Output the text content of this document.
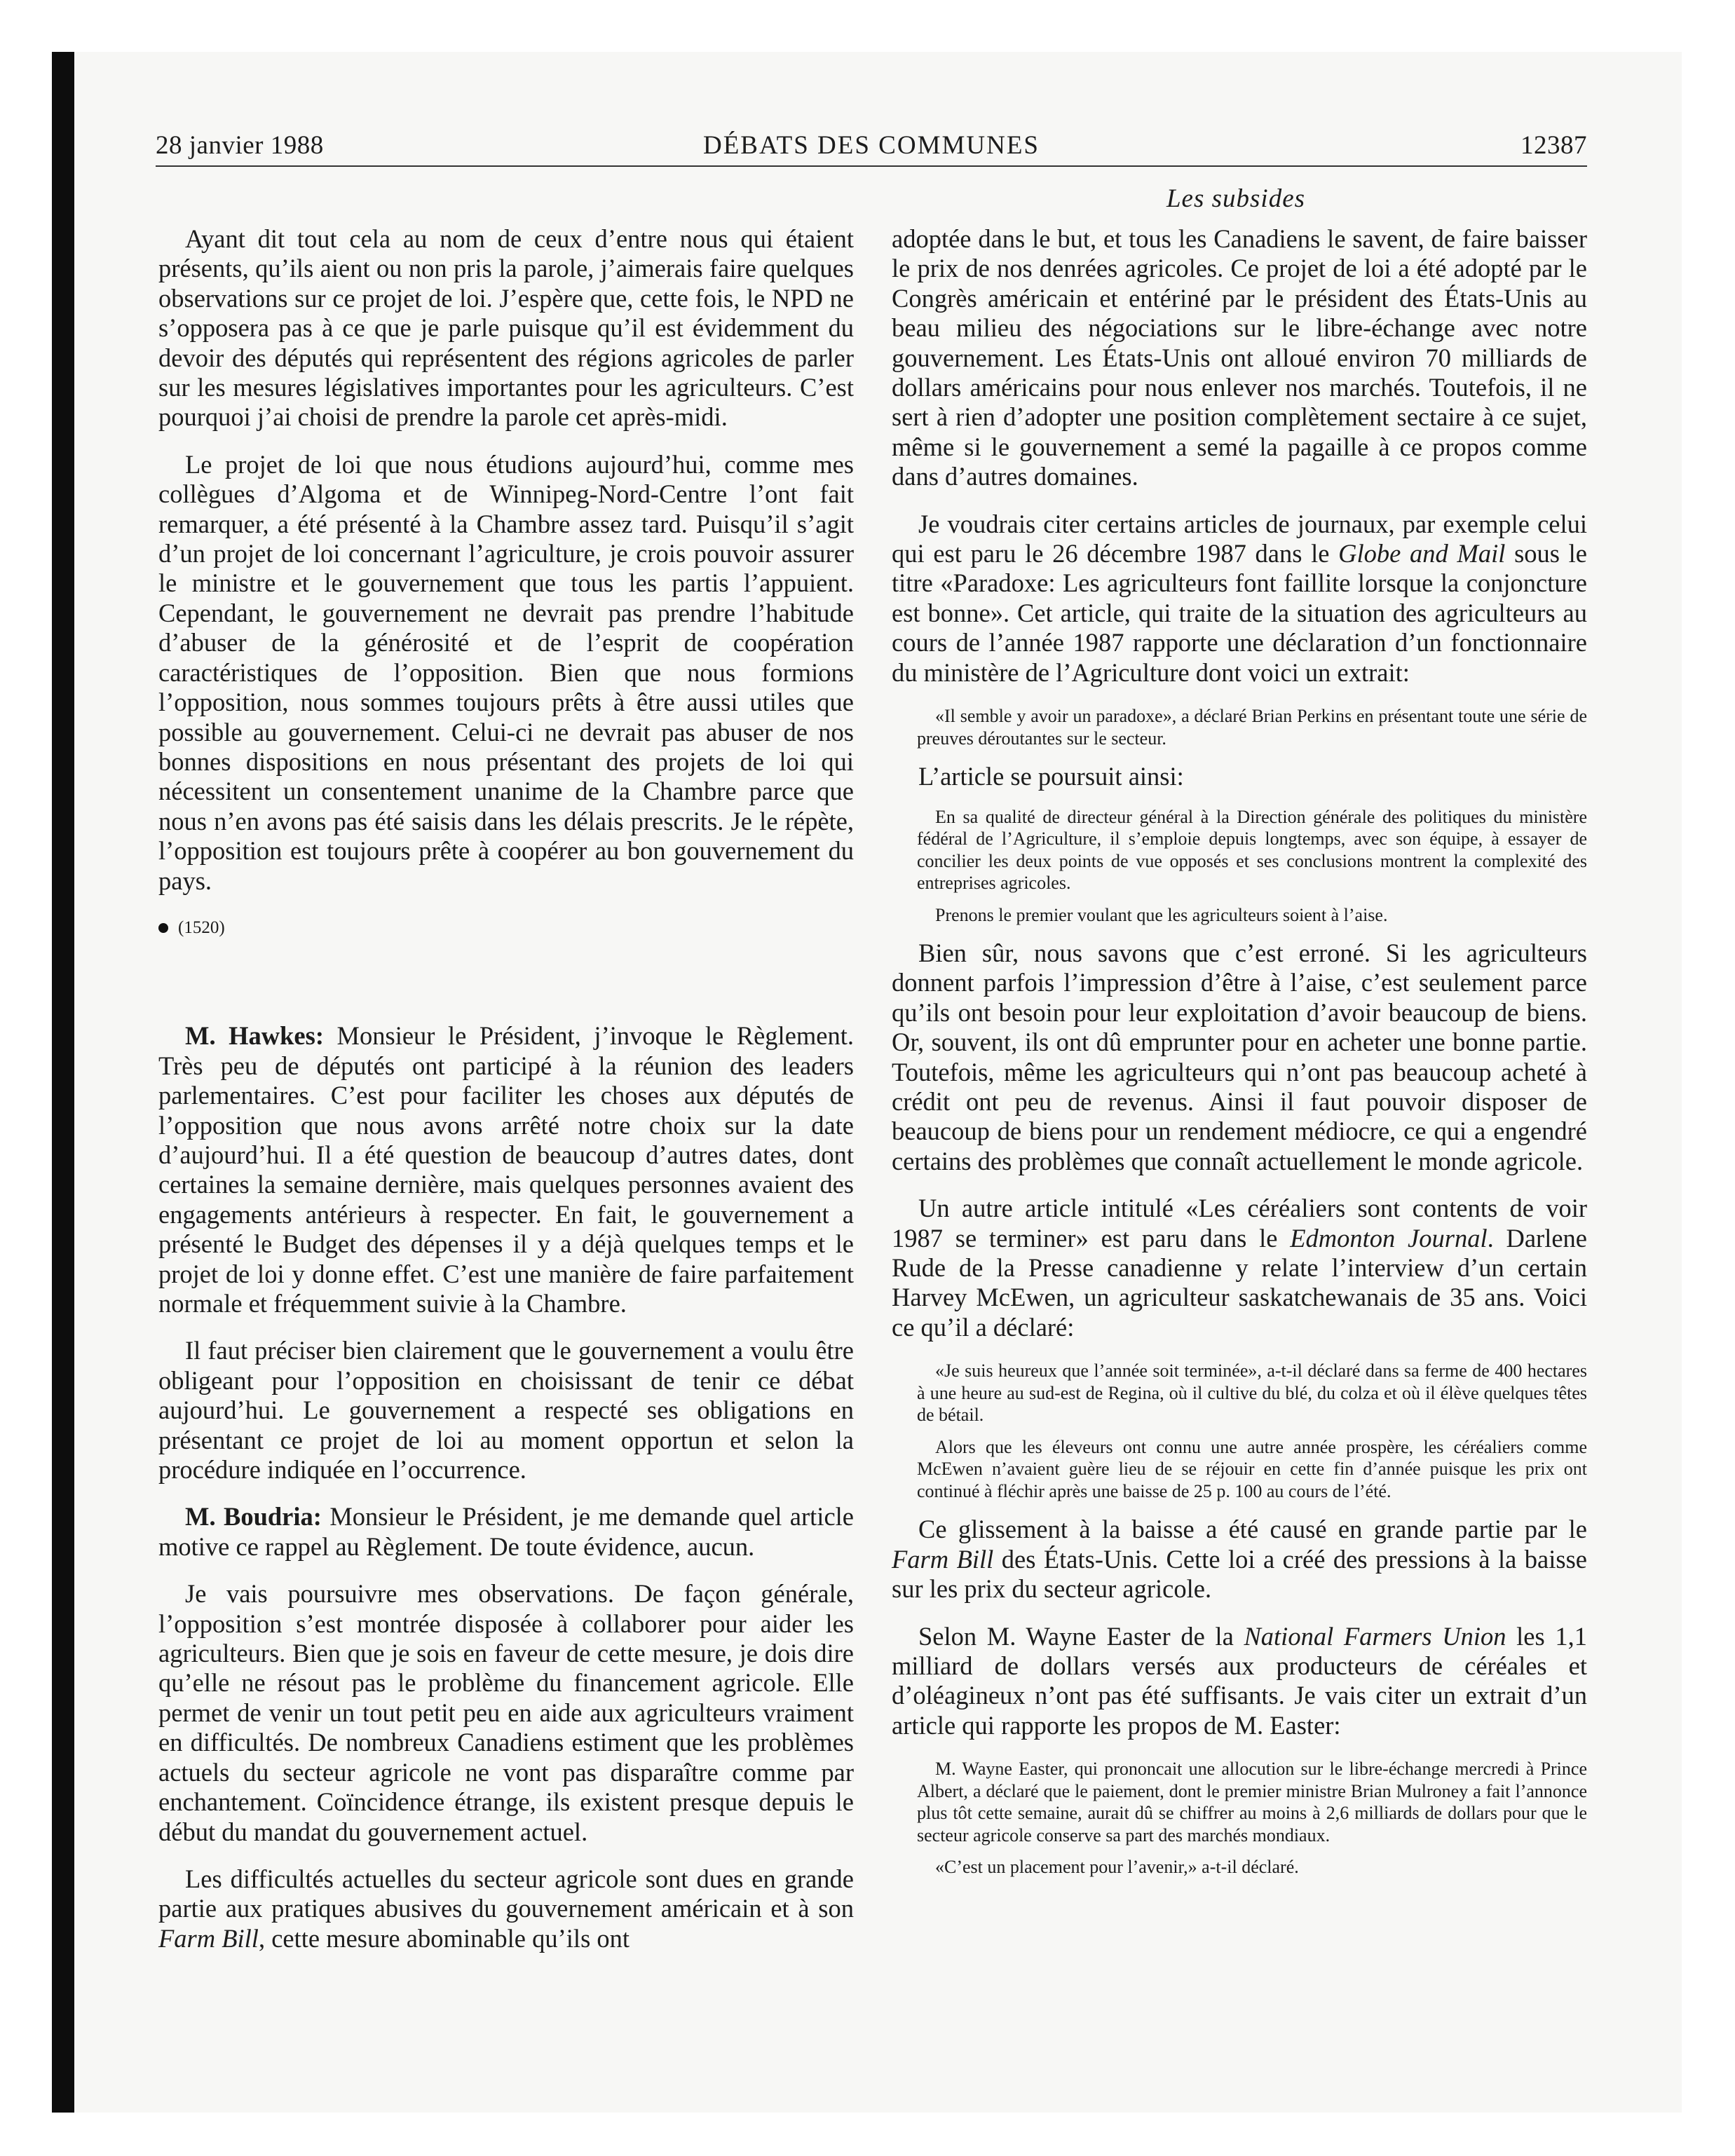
28 janvier 1988	DÉBATS DES COMMUNES	12387
Les subsides

Ayant dit tout cela au nom de ceux d’entre nous qui étaient présents, qu’ils aient ou non pris la parole, j’aimerais faire quelques observations sur ce projet de loi. J’espère que, cette fois, le NPD ne s’opposera pas à ce que je parle puisque qu’il est évidemment du devoir des députés qui représentent des régions agricoles de parler sur les mesures législatives importantes pour les agriculteurs. C’est pourquoi j’ai choisi de prendre la parole cet après-midi.

Le projet de loi que nous étudions aujourd’hui, comme mes collègues d’Algoma et de Winnipeg-Nord-Centre l’ont fait remarquer, a été présenté à la Chambre assez tard. Puisqu’il s’agit d’un projet de loi concernant l’agriculture, je crois pouvoir assurer le ministre et le gouvernement que tous les partis l’appuient. Cependant, le gouvernement ne devrait pas prendre l’habitude d’abuser de la générosité et de l’esprit de coopération caractéristiques de l’opposition. Bien que nous formions l’opposition, nous sommes toujours prêts à être aussi utiles que possible au gouvernement. Celui-ci ne devrait pas abuser de nos bonnes dispositions en nous présentant des projets de loi qui nécessitent un consentement unanime de la Chambre parce que nous n’en avons pas été saisis dans les délais prescrits. Je le répète, l’opposition est toujours prête à coopérer au bon gouvernement du pays.

(1520)

M. Hawkes: Monsieur le Président, j’invoque le Règlement. Très peu de députés ont participé à la réunion des leaders parlementaires. C’est pour faciliter les choses aux députés de l’opposition que nous avons arrêté notre choix sur la date d’aujourd’hui. Il a été question de beaucoup d’autres dates, dont certaines la semaine dernière, mais quelques personnes avaient des engagements antérieurs à respecter. En fait, le gouvernement a présenté le Budget des dépenses il y a déjà quelques temps et le projet de loi y donne effet. C’est une manière de faire parfaitement normale et fréquemment suivie à la Chambre.

Il faut préciser bien clairement que le gouvernement a voulu être obligeant pour l’opposition en choisissant de tenir ce débat aujourd’hui. Le gouvernement a respecté ses obligations en présentant ce projet de loi au moment opportun et selon la procédure indiquée en l’occurrence.

M. Boudria: Monsieur le Président, je me demande quel article motive ce rappel au Règlement. De toute évidence, aucun.

Je vais poursuivre mes observations. De façon générale, l’opposition s’est montrée disposée à collaborer pour aider les agriculteurs. Bien que je sois en faveur de cette mesure, je dois dire qu’elle ne résout pas le problème du financement agricole. Elle permet de venir un tout petit peu en aide aux agriculteurs vraiment en difficultés. De nombreux Canadiens estiment que les problèmes actuels du secteur agricole ne vont pas disparaître comme par enchantement. Coïncidence étrange, ils existent presque depuis le début du mandat du gouvernement actuel.

Les difficultés actuelles du secteur agricole sont dues en grande partie aux pratiques abusives du gouvernement américain et à son Farm Bill, cette mesure abominable qu’ils ont

adoptée dans le but, et tous les Canadiens le savent, de faire baisser le prix de nos denrées agricoles. Ce projet de loi a été adopté par le Congrès américain et entériné par le président des États-Unis au beau milieu des négociations sur le libre-échange avec notre gouvernement. Les États-Unis ont alloué environ 70 milliards de dollars américains pour nous enlever nos marchés. Toutefois, il ne sert à rien d’adopter une position complètement sectaire à ce sujet, même si le gouvernement a semé la pagaille à ce propos comme dans d’autres domaines.

Je voudrais citer certains articles de journaux, par exemple celui qui est paru le 26 décembre 1987 dans le Globe and Mail sous le titre «Paradoxe: Les agriculteurs font faillite lorsque la conjoncture est bonne». Cet article, qui traite de la situation des agriculteurs au cours de l’année 1987 rapporte une déclaration d’un fonctionnaire du ministère de l’Agriculture dont voici un extrait:

«Il semble y avoir un paradoxe», a déclaré Brian Perkins en présentant toute une série de preuves déroutantes sur le secteur.

L’article se poursuit ainsi:

En sa qualité de directeur général à la Direction générale des politiques du ministère fédéral de l’Agriculture, il s’emploie depuis longtemps, avec son équipe, à essayer de concilier les deux points de vue opposés et ses conclusions montrent la complexité des entreprises agricoles.

Prenons le premier voulant que les agriculteurs soient à l’aise.

Bien sûr, nous savons que c’est erroné. Si les agriculteurs donnent parfois l’impression d’être à l’aise, c’est seulement parce qu’ils ont besoin pour leur exploitation d’avoir beaucoup de biens. Or, souvent, ils ont dû emprunter pour en acheter une bonne partie. Toutefois, même les agriculteurs qui n’ont pas beaucoup acheté à crédit ont peu de revenus. Ainsi il faut pouvoir disposer de beaucoup de biens pour un rendement médiocre, ce qui a engendré certains des problèmes que connaît actuellement le monde agricole.

Un autre article intitulé «Les céréaliers sont contents de voir 1987 se terminer» est paru dans le Edmonton Journal. Darlene Rude de la Presse canadienne y relate l’interview d’un certain Harvey McEwen, un agriculteur saskatchewanais de 35 ans. Voici ce qu’il a déclaré:

«Je suis heureux que l’année soit terminée», a-t-il déclaré dans sa ferme de 400 hectares à une heure au sud-est de Regina, où il cultive du blé, du colza et où il élève quelques têtes de bétail.

Alors que les éleveurs ont connu une autre année prospère, les céréaliers comme McEwen n’avaient guère lieu de se réjouir en cette fin d’année puisque les prix ont continué à fléchir après une baisse de 25 p. 100 au cours de l’été.

Ce glissement à la baisse a été causé en grande partie par le Farm Bill des États-Unis. Cette loi a créé des pressions à la baisse sur les prix du secteur agricole.

Selon M. Wayne Easter de la National Farmers Union les 1,1 milliard de dollars versés aux producteurs de céréales et d’oléagineux n’ont pas été suffisants. Je vais citer un extrait d’un article qui rapporte les propos de M. Easter:

M. Wayne Easter, qui prononcait une allocution sur le libre-échange mercredi à Prince Albert, a déclaré que le paiement, dont le premier ministre Brian Mulroney a fait l’annonce plus tôt cette semaine, aurait dû se chiffrer au moins à 2,6 milliards de dollars pour que le secteur agricole conserve sa part des marchés mondiaux.

«C’est un placement pour l’avenir,» a-t-il déclaré.
